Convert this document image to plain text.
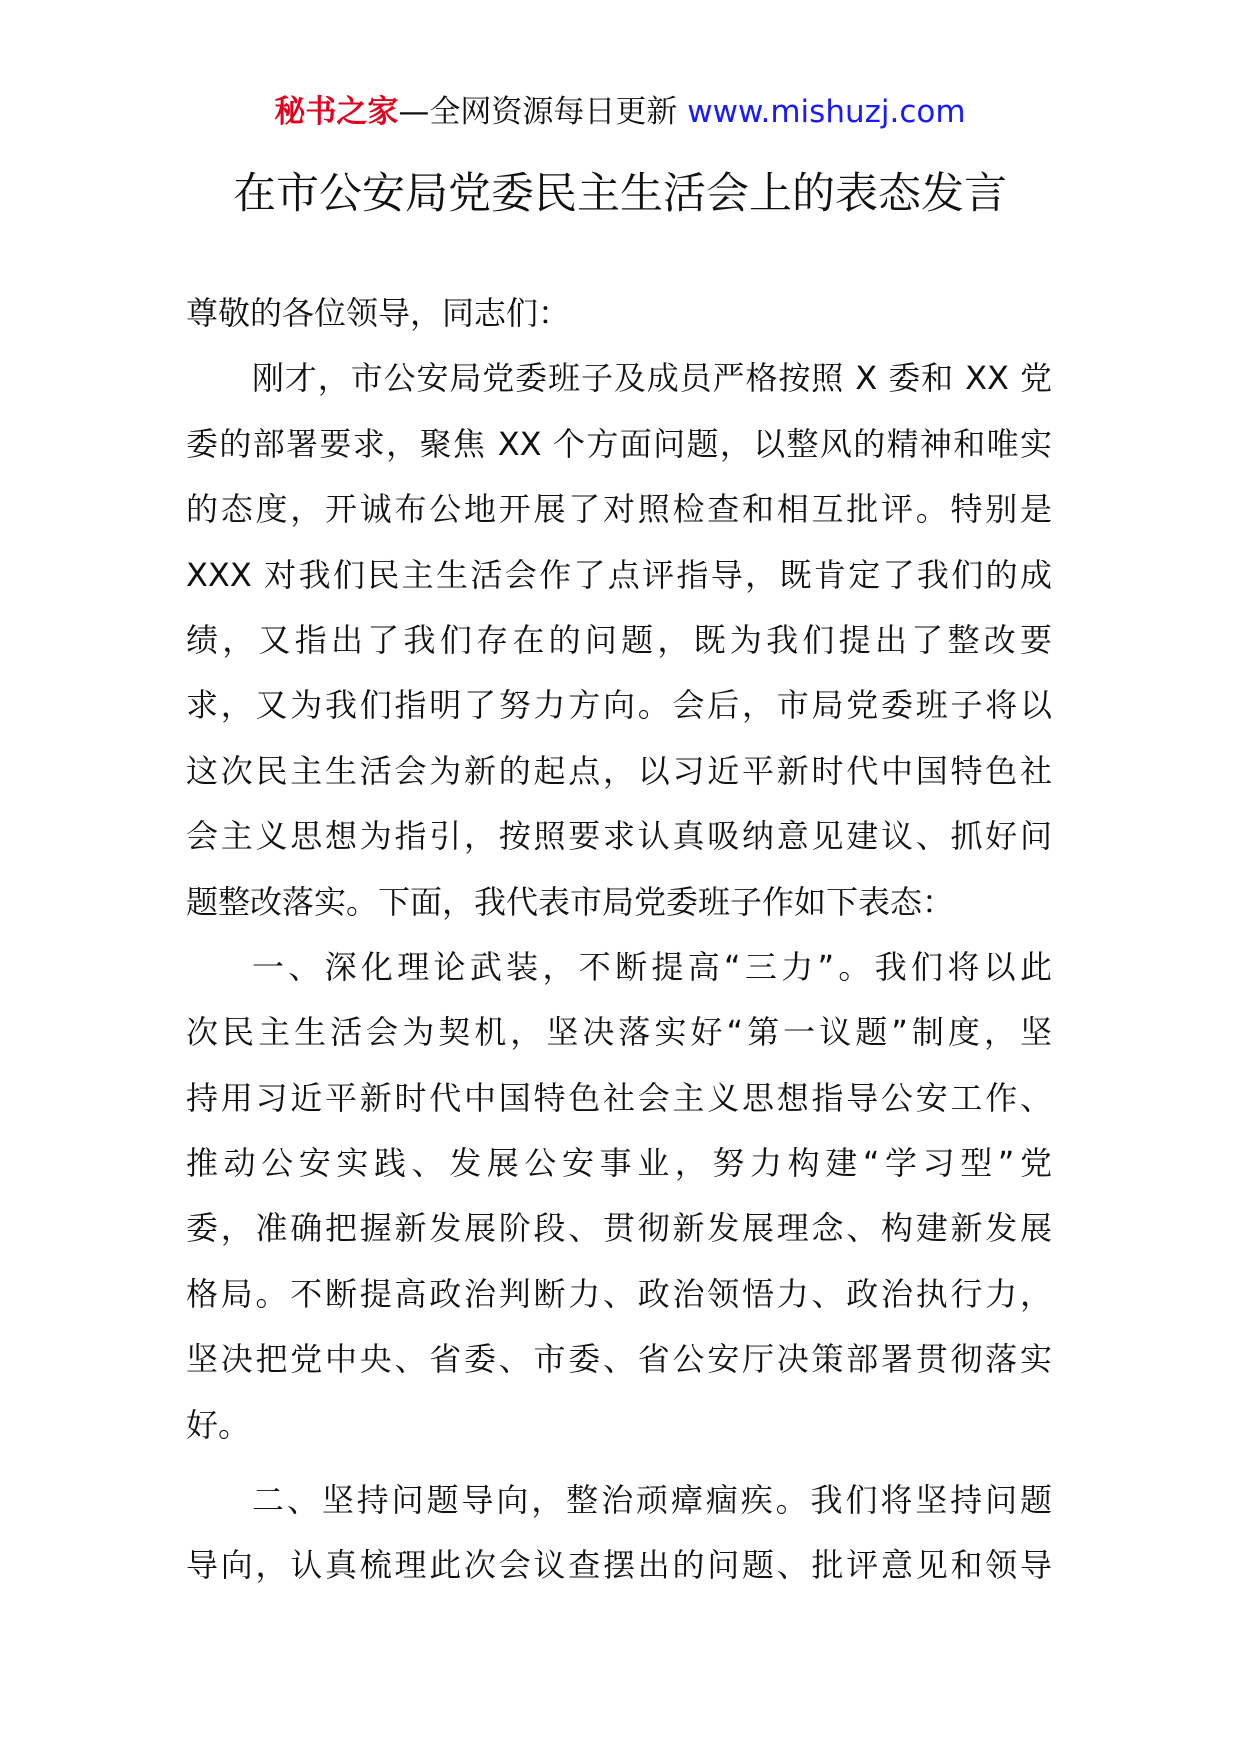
秘书之家—全网资源每日更新 www.mishuzj.com
在市公安局党委民主生活会上的表态发言
尊敬的各位领导，同志们：
刚才，市公安局党委班子及成员严格按照 X 委和 XX 党
委的部署要求，聚焦 XX 个方面问题，以整风的精神和唯实
的态度，开诚布公地开展了对照检查和相互批评。特别是
XXX 对我们民主生活会作了点评指导，既肯定了我们的成
绩，又指出了我们存在的问题，既为我们提出了整改要
求，又为我们指明了努力方向。会后，市局党委班子将以
这次民主生活会为新的起点，以习近平新时代中国特色社
会主义思想为指引，按照要求认真吸纳意见建议、抓好问
题整改落实。下面，我代表市局党委班子作如下表态：
一、深化理论武装，不断提高“三力”。我们将以此
次民主生活会为契机，坚决落实好“第一议题”制度，坚
持用习近平新时代中国特色社会主义思想指导公安工作、
推动公安实践、发展公安事业，努力构建“学习型”党
委，准确把握新发展阶段、贯彻新发展理念、构建新发展
格局。不断提高政治判断力、政治领悟力、政治执行力，
坚决把党中央、省委、市委、省公安厅决策部署贯彻落实
好。
二、坚持问题导向，整治顽瘴痼疾。我们将坚持问题
导向，认真梳理此次会议查摆出的问题、批评意见和领导
